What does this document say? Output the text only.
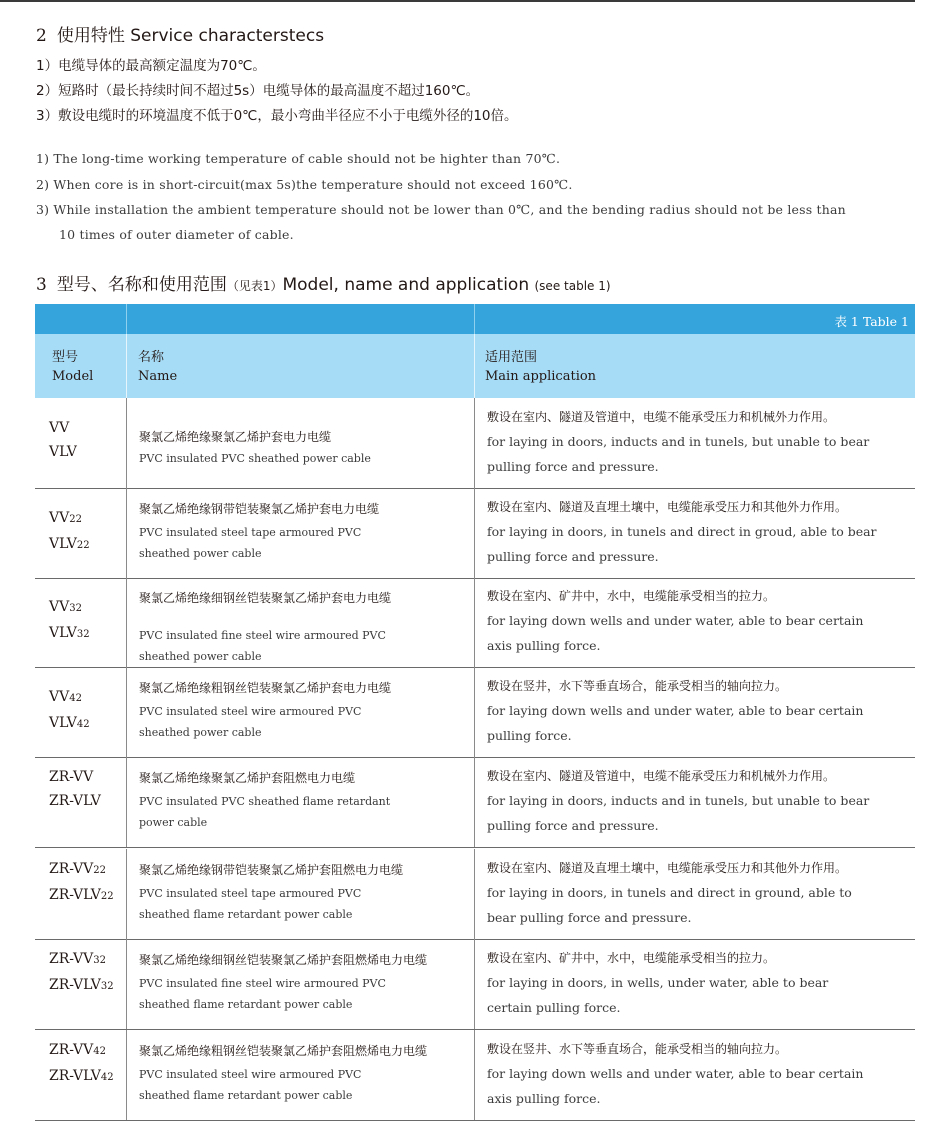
2 使用特性 Service characterstecs
1）电缆导体的最高额定温度为70℃。
2）短路时（最长持续时间不超过5s）电缆导体的最高温度不超过160℃。
3）敷设电缆时的环境温度不低于0℃，最小弯曲半径应不小于电缆外径的10倍。
1) The long-time working temperature of cable should not be highter than 70℃.
2) When core is in short-circuit(max 5s)the temperature should not exceed 160℃.
3) While installation the ambient temperature should not be lower than 0℃, and the bending radius should not be less than
10 times of outer diameter of cable.
3 型号、名称和使用范围（见表1）Model, name and application (see table 1)
表 1 Table 1
型号
Model
名称
Name
适用范围
Main application
VV
VLV
聚氯乙烯绝缘聚氯乙烯护套电力电缆
PVC insulated PVC sheathed power cable
敷设在室内、隧道及管道中，电缆不能承受压力和机械外力作用。
for laying in doors, inducts and in tunels, but unable to bear
pulling force and pressure.
VV22
VLV22
聚氯乙烯绝缘钢带铠装聚氯乙烯护套电力电缆
PVC insulated steel tape armoured PVC
sheathed power cable
敷设在室内、隧道及直埋土壤中，电缆能承受压力和其他外力作用。
for laying in doors, in tunels and direct in groud, able to bear
pulling force and pressure.
VV32
VLV32
聚氯乙烯绝缘细钢丝铠装聚氯乙烯护套电力电缆
PVC insulated fine steel wire armoured PVC
sheathed power cable
敷设在室内、矿井中，水中，电缆能承受相当的拉力。
for laying down wells and under water, able to bear certain
axis pulling force.
VV42
VLV42
聚氯乙烯绝缘粗钢丝铠装聚氯乙烯护套电力电缆
PVC insulated steel wire armoured PVC
sheathed power cable
敷设在竖井，水下等垂直场合，能承受相当的轴向拉力。
for laying down wells and under water, able to bear certain
pulling force.
ZR-VV
ZR-VLV
聚氯乙烯绝缘聚氯乙烯护套阻燃电力电缆
PVC insulated PVC sheathed flame retardant
power cable
敷设在室内、隧道及管道中，电缆不能承受压力和机械外力作用。
for laying in doors, inducts and in tunels, but unable to bear
pulling force and pressure.
ZR-VV22
ZR-VLV22
聚氯乙烯绝缘钢带铠装聚氯乙烯护套阻燃电力电缆
PVC insulated steel tape armoured PVC
sheathed flame retardant power cable
敷设在室内、隧道及直埋土壤中，电缆能承受压力和其他外力作用。
for laying in doors, in tunels and direct in ground, able to
bear pulling force and pressure.
ZR-VV32
ZR-VLV32
聚氯乙烯绝缘细钢丝铠装聚氯乙烯护套阻燃烯电力电缆
PVC insulated fine steel wire armoured PVC
sheathed flame retardant power cable
敷设在室内、矿井中，水中，电缆能承受相当的拉力。
for laying in doors, in wells, under water, able to bear
certain pulling force.
ZR-VV42
ZR-VLV42
聚氯乙烯绝缘粗钢丝铠装聚氯乙烯护套阻燃烯电力电缆
PVC insulated steel wire armoured PVC
sheathed flame retardant power cable
敷设在竖井、水下等垂直场合，能承受相当的轴向拉力。
for laying down wells and under water, able to bear certain
axis pulling force.
